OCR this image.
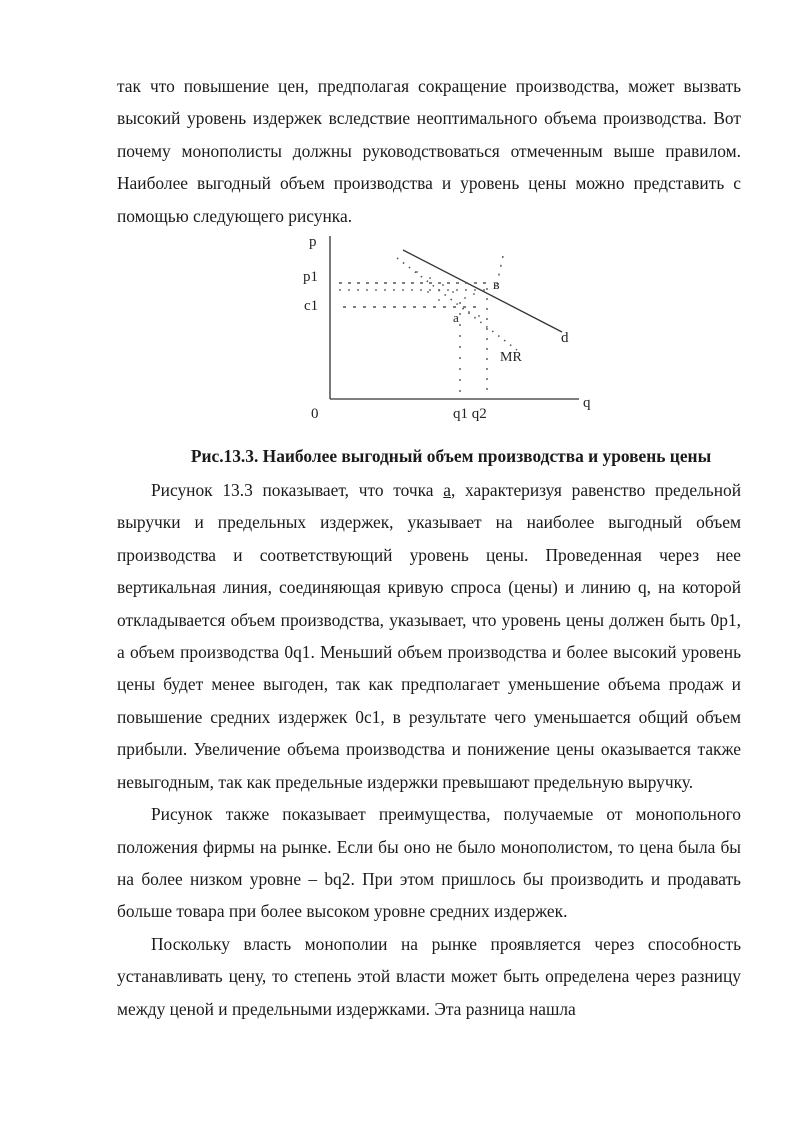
так что повышение цен, предполагая сокращение производства, может вызвать высокий уровень издержек вследствие неоптимального объема производства. Вот почему монополисты должны руководствоваться отмеченным выше правилом. Наиболее выгодный объем производства и уровень цены можно представить с помощью следующего рисунка.

p
p1
c1
0
q
q1 q2
a
в
d
MR

Рис.13.3. Наиболее выгодный объем производства и уровень цены

Рисунок 13.3 показывает, что точка a, характеризуя равенство предельной выручки и предельных издержек, указывает на наиболее выгодный объем производства и соответствующий уровень цены. Проведенная через нее вертикальная линия, соединяющая кривую спроса (цены) и линию q, на которой откладывается объем производства, указывает, что уровень цены должен быть 0p1, а объем производства 0q1. Меньший объем производства и более высокий уровень цены будет менее выгоден, так как предполагает уменьшение объема продаж и повышение средних издержек 0c1, в результате чего уменьшается общий объем прибыли. Увеличение объема производства и понижение цены оказывается также невыгодным, так как предельные издержки превышают предельную выручку.

Рисунок также показывает преимущества, получаемые от монопольного положения фирмы на рынке. Если бы оно не было монополистом, то цена была бы на более низком уровне – bq2. При этом пришлось бы производить и продавать больше товара при более высоком уровне средних издержек.

Поскольку власть монополии на рынке проявляется через способность устанавливать цену, то степень этой власти может быть определена через разницу между ценой и предельными издержками. Эта разница нашла
